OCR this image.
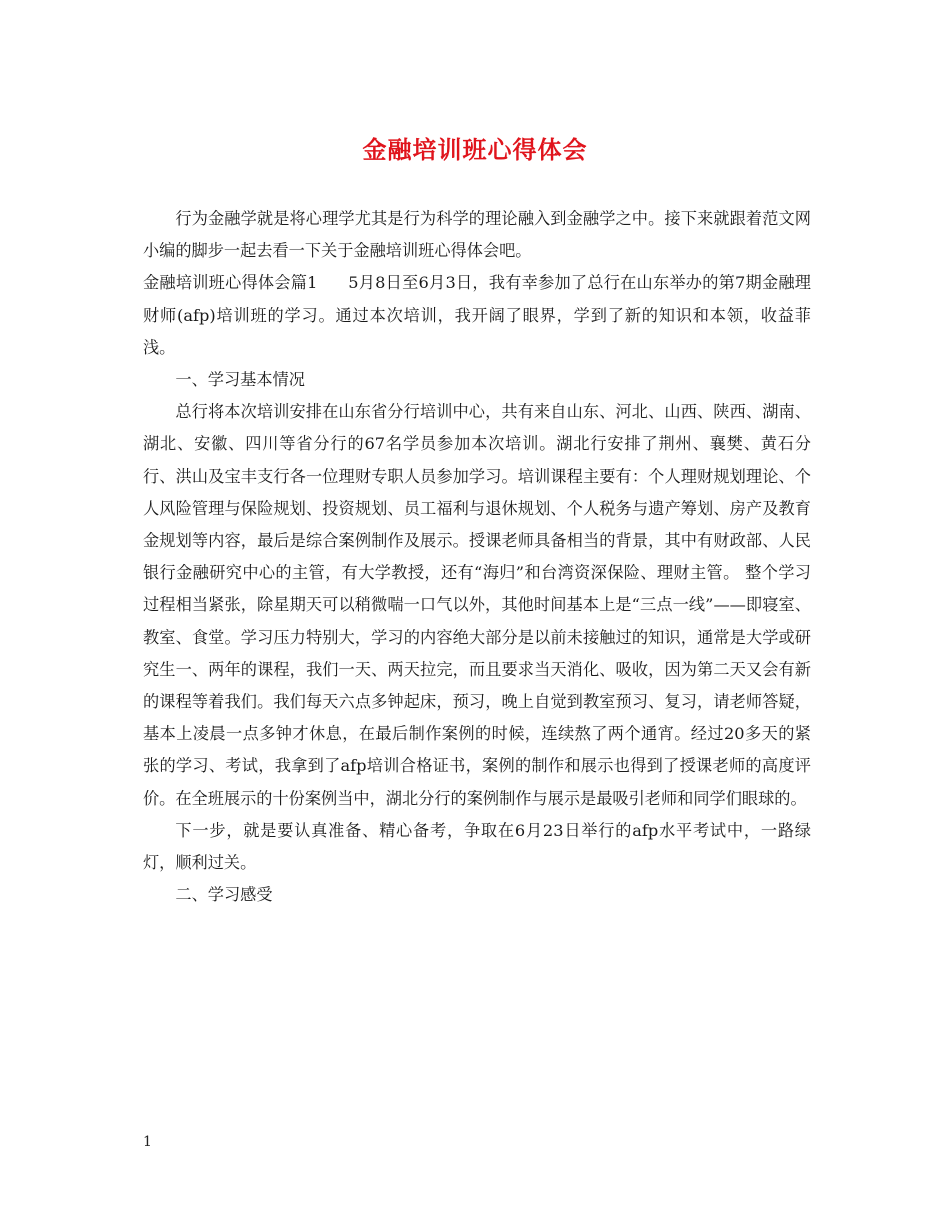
金融培训班心得体会

行为金融学就是将心理学尤其是行为科学的理论融入到金融学之中。接下来就跟着范文网小编的脚步一起去看一下关于金融培训班心得体会吧。

金融培训班心得体会篇1 5月8日至6月3日，我有幸参加了总行在山东举办的第7期金融理财师(afp)培训班的学习。通过本次培训，我开阔了眼界，学到了新的知识和本领，收益菲浅。

一、学习基本情况

总行将本次培训安排在山东省分行培训中心，共有来自山东、河北、山西、陕西、湖南、湖北、安徽、四川等省分行的67名学员参加本次培训。湖北行安排了荆州、襄樊、黄石分行、洪山及宝丰支行各一位理财专职人员参加学习。培训课程主要有：个人理财规划理论、个人风险管理与保险规划、投资规划、员工福利与退休规划、个人税务与遗产筹划、房产及教育金规划等内容，最后是综合案例制作及展示。授课老师具备相当的背景，其中有财政部、人民银行金融研究中心的主管，有大学教授，还有“海归”和台湾资深保险、理财主管。 整个学习过程相当紧张，除星期天可以稍微喘一口气以外，其他时间基本上是“三点一线”——即寝室、教室、食堂。学习压力特别大，学习的内容绝大部分是以前未接触过的知识，通常是大学或研究生一、两年的课程，我们一天、两天拉完，而且要求当天消化、吸收，因为第二天又会有新的课程等着我们。我们每天六点多钟起床，预习，晚上自觉到教室预习、复习，请老师答疑，基本上凌晨一点多钟才休息，在最后制作案例的时候，连续熬了两个通宵。经过20多天的紧张的学习、考试，我拿到了afp培训合格证书，案例的制作和展示也得到了授课老师的高度评价。在全班展示的十份案例当中，湖北分行的案例制作与展示是最吸引老师和同学们眼球的。

下一步，就是要认真准备、精心备考，争取在6月23日举行的afp水平考试中，一路绿灯，顺利过关。

二、学习感受

1
